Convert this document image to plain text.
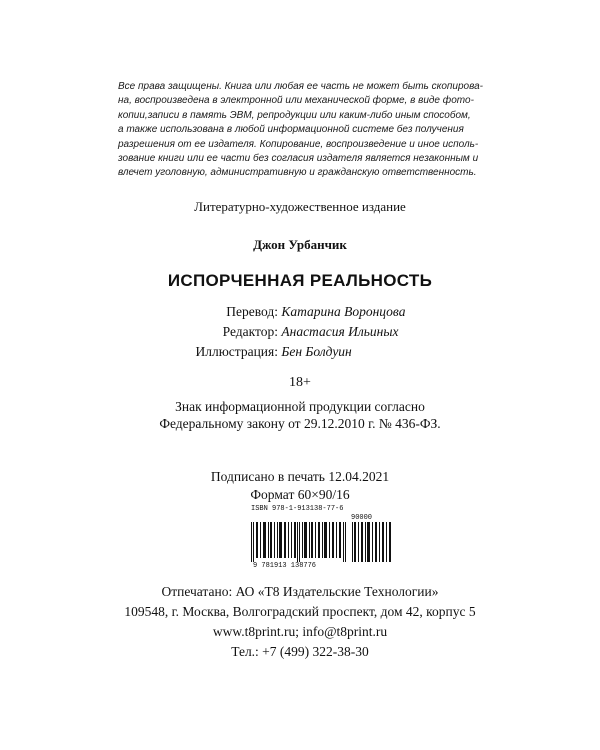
Все права защищены. Книга или любая ее часть не может быть скопирова-
на, воспроизведена в электронной или механической форме, в виде фото-
копии,записи в память ЭВМ, репродукции или каким-либо иным способом,
а также использована в любой информационной системе без получения
разрешения от ее издателя. Копирование, воспроизведение и иное исполь-
зование книги или ее части без согласия издателя является незаконным и
влечет уголовную, административную и гражданскую ответственность.
Литературно-художественное издание
Джон Урбанчик
ИСПОРЧЕННАЯ РЕАЛЬНОСТЬ
Перевод: Катарина Воронцова
Редактор: Анастасия Ильиных
Иллюстрация: Бен Болдуин
18+
Знак информационной продукции согласно
Федеральному закону от 29.12.2010 г. № 436-ФЗ.
Подписано в печать 12.04.2021
Формат 60×90/16
ISBN 978-1-913138-77-6
90000
9 781913 138776
Отпечатано: АО «Т8 Издательские Технологии»
109548, г. Москва, Волгоградский проспект, дом 42, корпус 5
www.t8print.ru; info@t8print.ru
Тел.: +7 (499) 322-38-30
